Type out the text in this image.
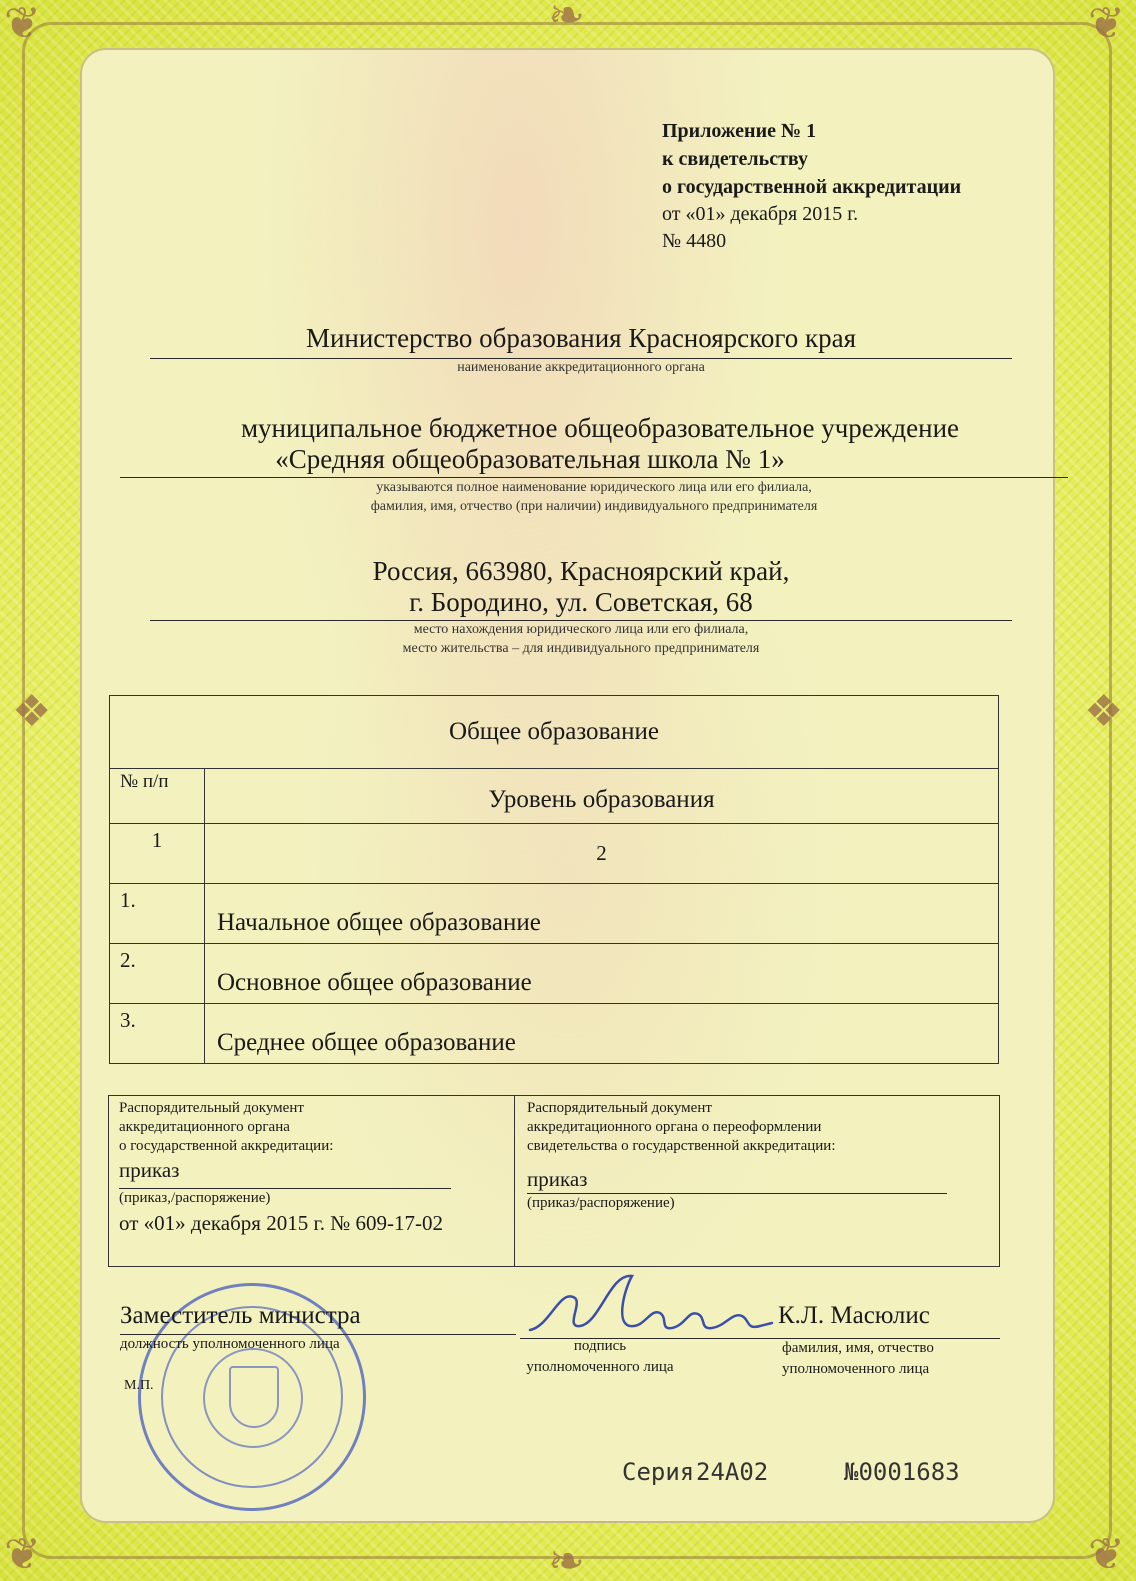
❦	❦
❦	❦
❧
❧
❖	❖
Приложение № 1
к свидетельству
о государственной аккредитации
от «01» декабря 2015 г.
№ 4480
Министерство образования Красноярского края
наименование аккредитационного органа
муниципальное бюджетное общеобразовательное учреждение
«Средняя общеобразовательная школа № 1»
указываются полное наименование юридического лица или его филиала,
фамилия, имя, отчество (при наличии) индивидуального предпринимателя
Россия, 663980, Красноярский край,
г. Бородино, ул. Советская, 68
место нахождения юридического лица или его филиала,
место жительства – для индивидуального предпринимателя
Общее образование	
№ п/п	Уровень образования
1	2
1.	Начальное общее образование
2.	Основное общее образование
3.	Среднее общее образование
Распорядительный документ
аккредитационного органа
о государственной аккредитации:
приказ
(приказ,/распоряжение)
от «01» декабря 2015 г. № 609-17-02
Распорядительный документ
аккредитационного органа о переоформлении
свидетельства о государственной аккредитации:
приказ
(приказ/распоряжение)
Заместитель министра
должность уполномоченного лица
М.П.
подпись
уполномоченного лица
К.Л. Масюлис
фамилия, имя, отчество
уполномоченного лица
Серия 24А02	№0001683
